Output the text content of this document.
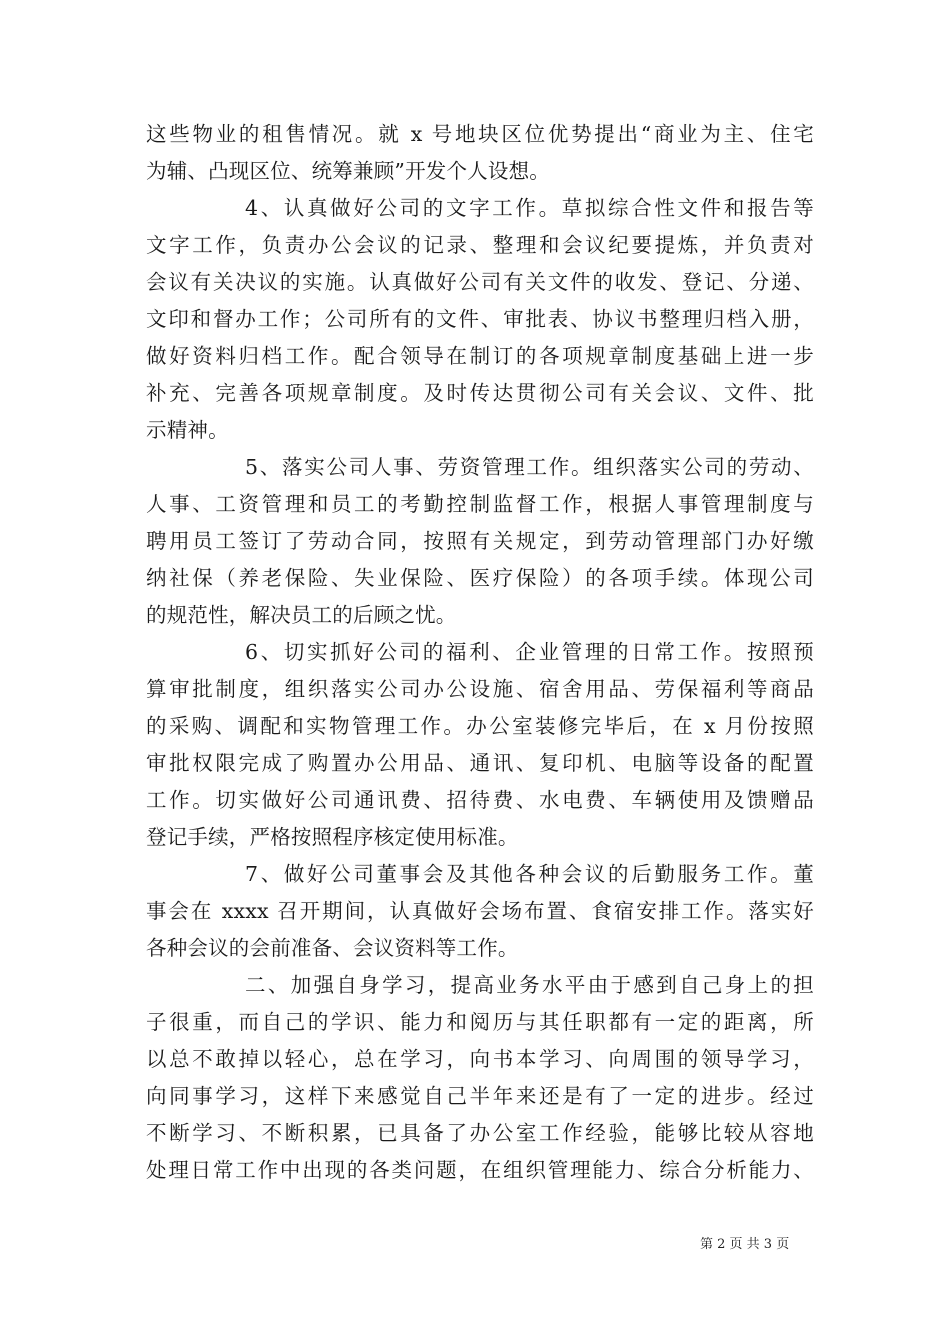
这些物业的租售情况。就 x 号地块区位优势提出“商业为主、住宅
为辅、凸现区位、统筹兼顾”开发个人设想。
4、认真做好公司的文字工作。草拟综合性文件和报告等
文字工作，负责办公会议的记录、整理和会议纪要提炼，并负责对
会议有关决议的实施。认真做好公司有关文件的收发、登记、分递、
文印和督办工作；公司所有的文件、审批表、协议书整理归档入册，
做好资料归档工作。配合领导在制订的各项规章制度基础上进一步
补充、完善各项规章制度。及时传达贯彻公司有关会议、文件、批
示精神。
5、落实公司人事、劳资管理工作。组织落实公司的劳动、
人事、工资管理和员工的考勤控制监督工作，根据人事管理制度与
聘用员工签订了劳动合同，按照有关规定，到劳动管理部门办好缴
纳社保（养老保险、失业保险、医疗保险）的各项手续。体现公司
的规范性，解决员工的后顾之忧。
6、切实抓好公司的福利、企业管理的日常工作。按照预
算审批制度，组织落实公司办公设施、宿舍用品、劳保福利等商品
的采购、调配和实物管理工作。办公室装修完毕后，在 x 月份按照
审批权限完成了购置办公用品、通讯、复印机、电脑等设备的配置
工作。切实做好公司通讯费、招待费、水电费、车辆使用及馈赠品
登记手续，严格按照程序核定使用标准。
7、做好公司董事会及其他各种会议的后勤服务工作。董
事会在 xxxx 召开期间，认真做好会场布置、食宿安排工作。落实好
各种会议的会前准备、会议资料等工作。
二、加强自身学习，提高业务水平由于感到自己身上的担
子很重，而自己的学识、能力和阅历与其任职都有一定的距离，所
以总不敢掉以轻心，总在学习，向书本学习、向周围的领导学习，
向同事学习，这样下来感觉自己半年来还是有了一定的进步。经过
不断学习、不断积累，已具备了办公室工作经验，能够比较从容地
处理日常工作中出现的各类问题，在组织管理能力、综合分析能力、
第 2 页 共 3 页
